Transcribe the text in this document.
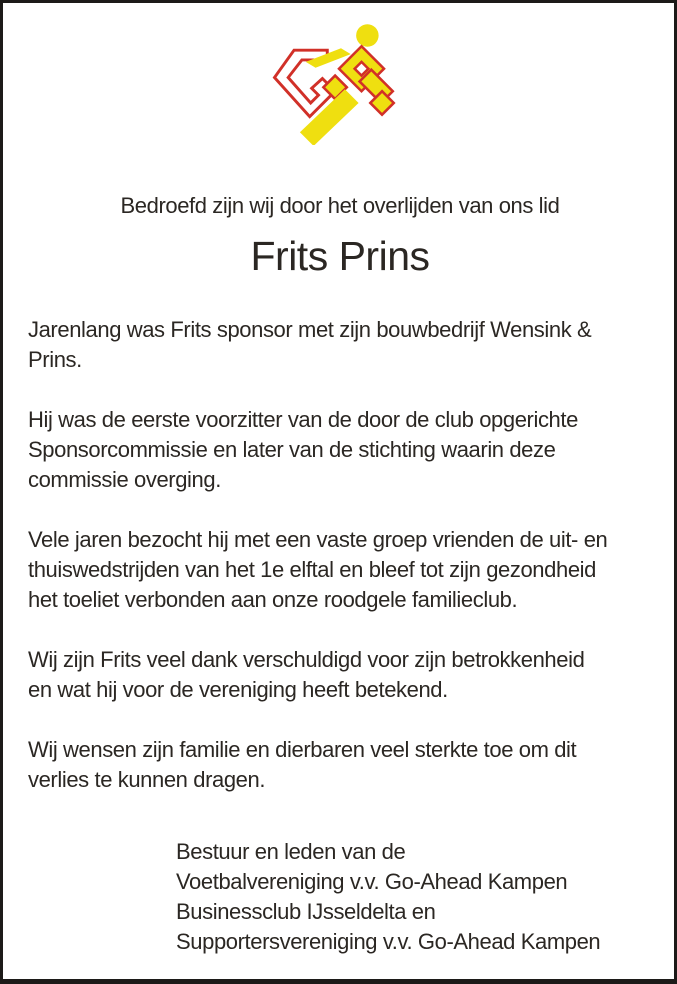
Bedroefd zijn wij door het overlijden van ons lid

Frits Prins

Jarenlang was Frits sponsor met zijn bouwbedrijf Wensink &
Prins.

Hij was de eerste voorzitter van de door de club opgerichte
Sponsorcommissie en later van de stichting waarin deze
commissie overging.

Vele jaren bezocht hij met een vaste groep vrienden de uit- en
thuiswedstrijden van het 1e elftal en bleef tot zijn gezondheid
het toeliet verbonden aan onze roodgele familieclub.

Wij zijn Frits veel dank verschuldigd voor zijn betrokkenheid
en wat hij voor de vereniging heeft betekend.

Wij wensen zijn familie en dierbaren veel sterkte toe om dit
verlies te kunnen dragen.

Bestuur en leden van de
Voetbalvereniging v.v. Go-Ahead Kampen
Businessclub IJsseldelta en
Supportersvereniging v.v. Go-Ahead Kampen
